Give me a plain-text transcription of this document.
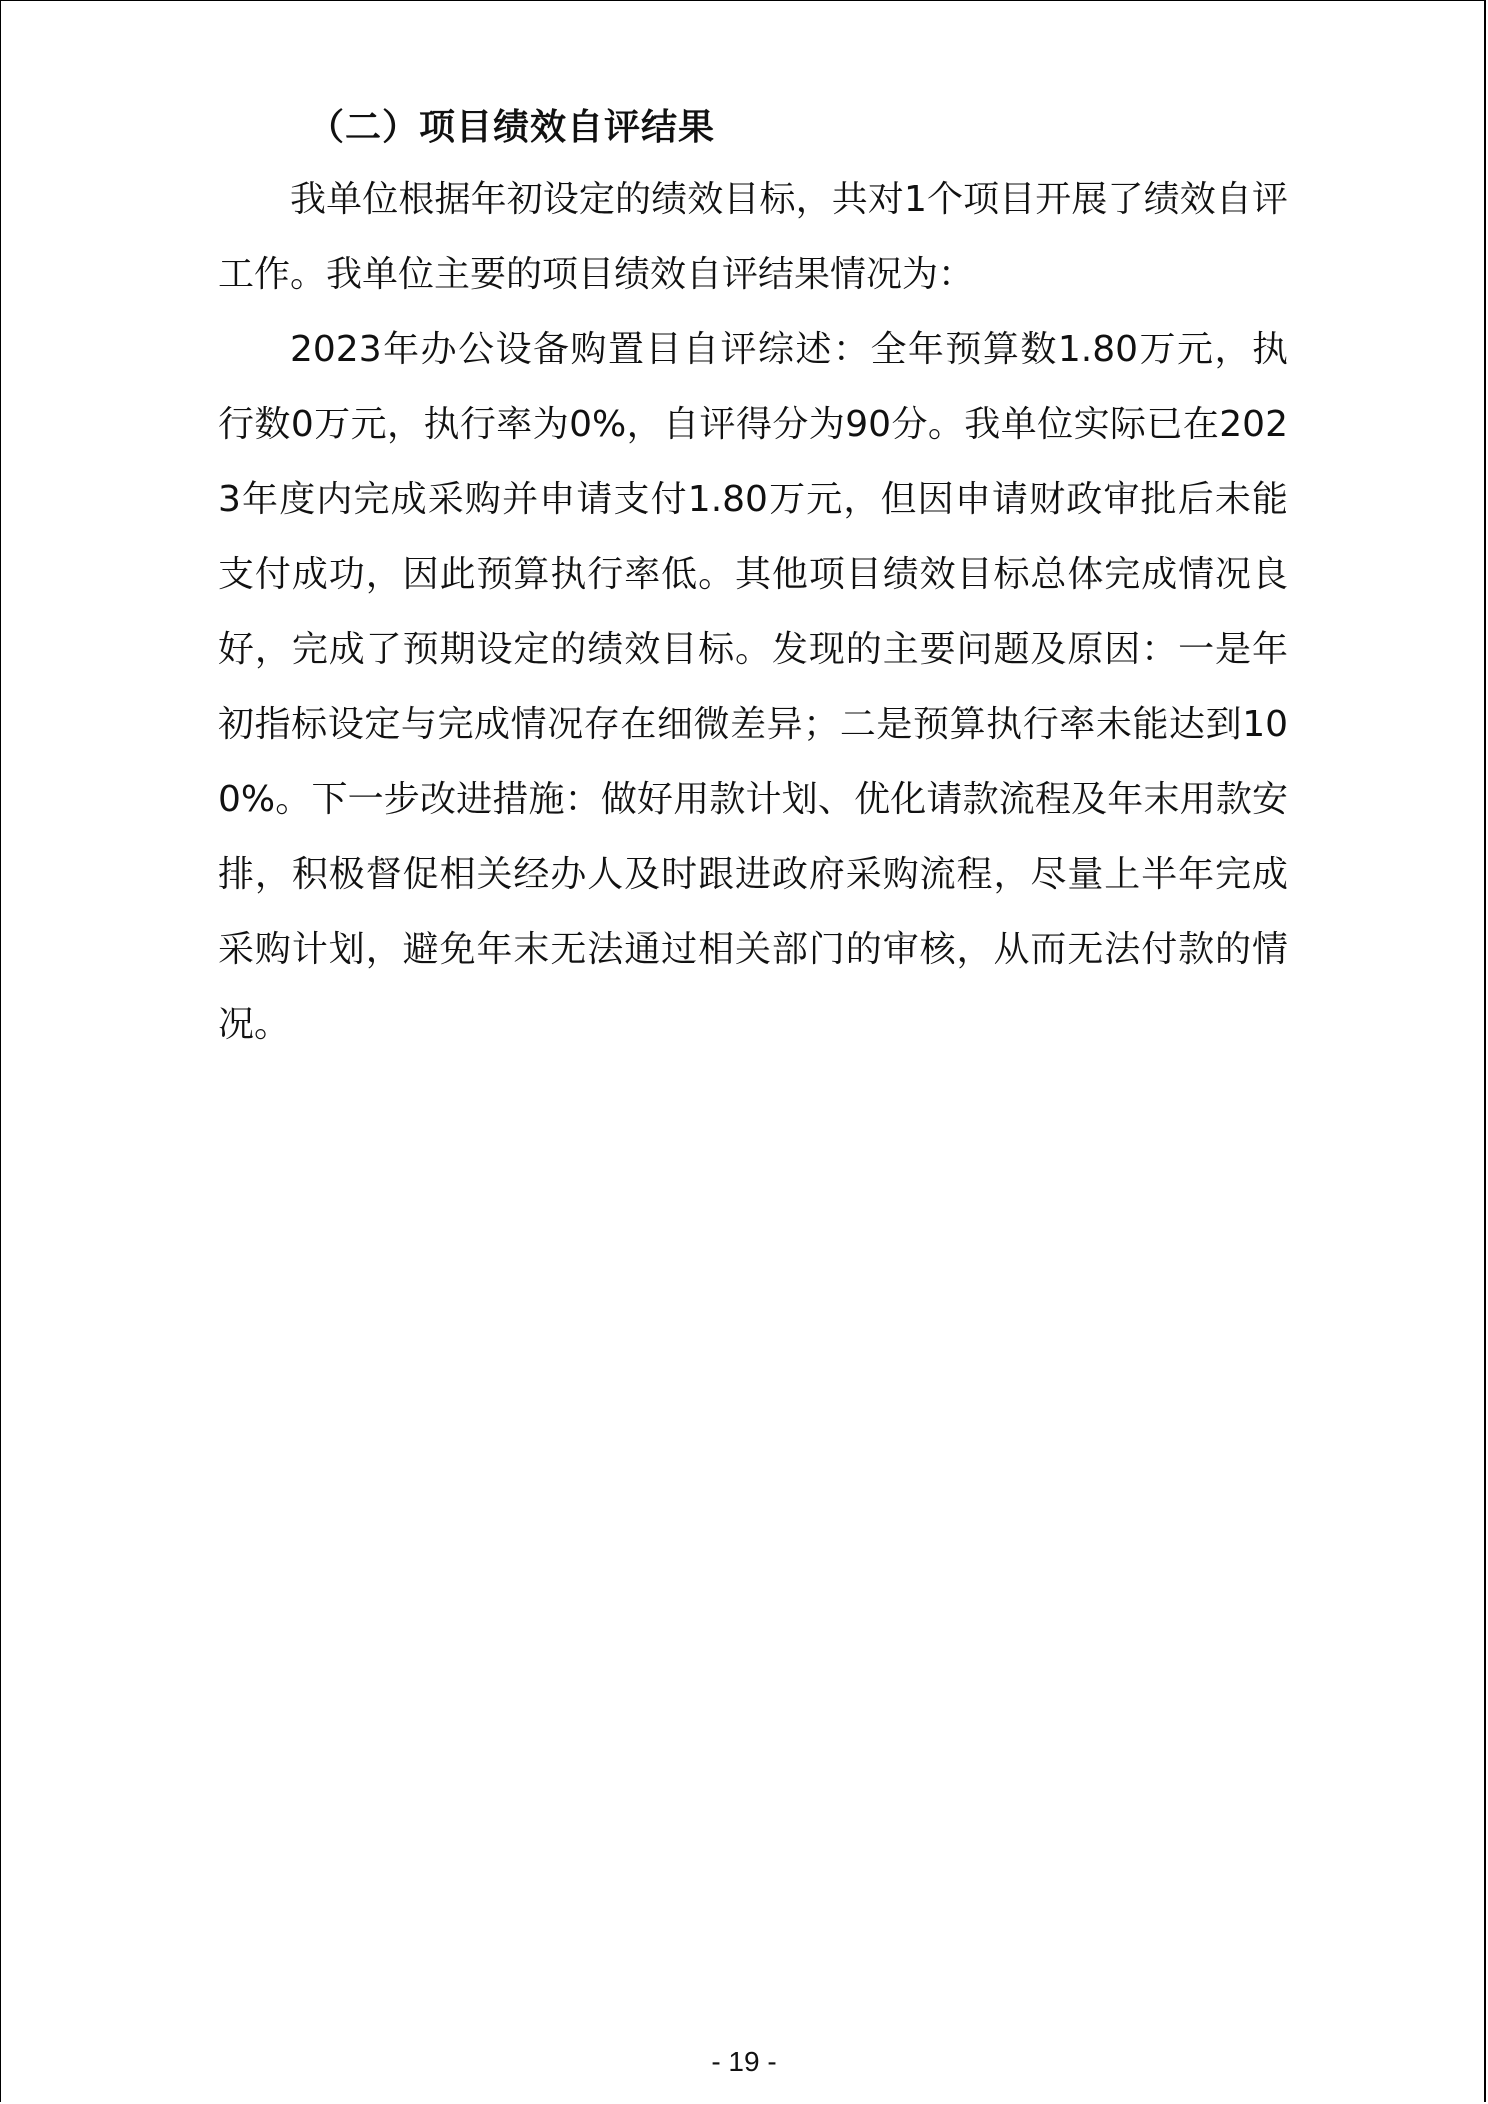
（二）项目绩效自评结果

我单位根据年初设定的绩效目标，共对1个项目开展了绩效自评工作。我单位主要的项目绩效自评结果情况为：

2023年办公设备购置目自评综述：全年预算数1.80万元，执行数0万元，执行率为0%，自评得分为90分。我单位实际已在2023年度内完成采购并申请支付1.80万元，但因申请财政审批后未能支付成功，因此预算执行率低。其他项目绩效目标总体完成情况良好，完成了预期设定的绩效目标。发现的主要问题及原因：一是年初指标设定与完成情况存在细微差异；二是预算执行率未能达到100%。下一步改进措施：做好用款计划、优化请款流程及年末用款安排，积极督促相关经办人及时跟进政府采购流程，尽量上半年完成采购计划，避免年末无法通过相关部门的审核，从而无法付款的情况。

- 19 -
